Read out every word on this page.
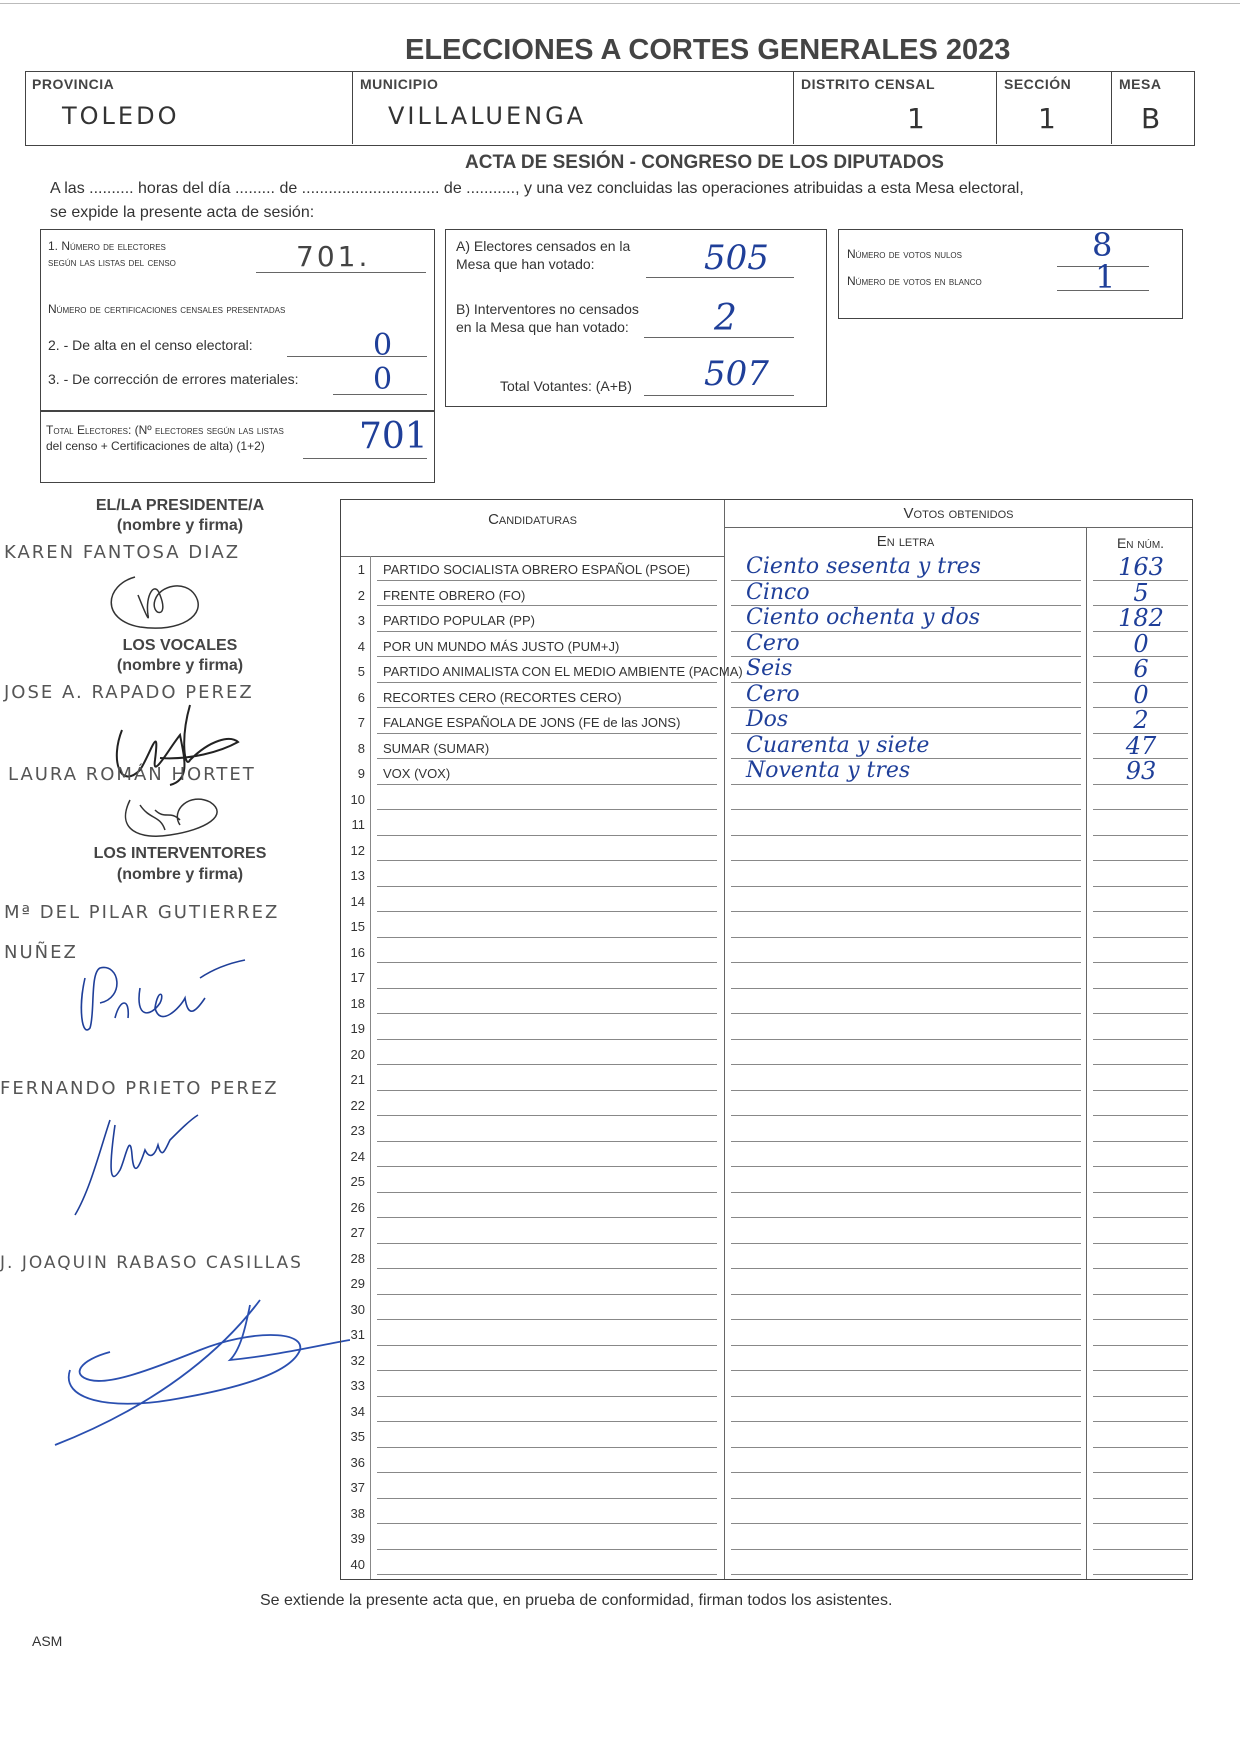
ELECCIONES A CORTES GENERALES 2023
PROVINCIA
TOLEDO
MUNICIPIO
VILLALUENGA
DISTRITO CENSAL
1
SECCIÓN
1
MESA
B
ACTA DE SESIÓN - CONGRESO DE LOS DIPUTADOS
A las .......... horas del día ......... de ............................... de ..........., y una vez concluidas las operaciones atribuidas a esta Mesa electoral,
se expide la presente acta de sesión:
1. Número de electores
según las listas del censo	701.
Número de certificaciones censales presentadas
2. - De alta en el censo electoral:	0
3. - De corrección de errores materiales: 0
Total Electores: (Nº electores según las listas
del censo + Certificaciones de alta) (1+2)	701
A) Electores censados en la
Mesa que han votado:	505
B) Interventores no censados
en la Mesa que han votado: 2
Total Votantes: (A+B) 507
Número de votos nulos	8
Número de votos en blanco	1
EL/LA PRESIDENTE/A
(nombre y firma)
KAREN FANTOSA DIAZ
LOS VOCALES
(nombre y firma)
JOSE A. RAPADO PEREZ
LAURA ROMÁN HORTET
LOS INTERVENTORES
(nombre y firma)
Mª DEL PILAR GUTIERREZ
NUÑEZ
FERNANDO PRIETO PEREZ
J. JOAQUIN RABASO CASILLAS
Candidaturas	Votos obtenidos
En letra	En núm.
1 PARTIDO SOCIALISTA OBRERO ESPAÑOL (PSOE)	Ciento sesenta y tres	163
2 FRENTE OBRERO (FO)	Cinco	5
3 PARTIDO POPULAR (PP)	Ciento ochenta y dos	182
4 POR UN MUNDO MÁS JUSTO (PUM+J)	Cero	0
5 PARTIDO ANIMALISTA CON EL MEDIO AMBIENTE (PACMA) Seis	6
6 RECORTES CERO (RECORTES CERO)	Cero	0
7 FALANGE ESPAÑOLA DE JONS (FE de las JONS)	Dos	2
8 SUMAR (SUMAR)	Cuarenta y siete	47
9 VOX (VOX)	Noventa y tres	93
10
11
12
13
14
15
16
17
18
19
20
21
22
23
24
25
26
27
28
29
30
31
32
33
34
35
36
37
38
39
40
Se extiende la presente acta que, en prueba de conformidad, firman todos los asistentes.
ASM
